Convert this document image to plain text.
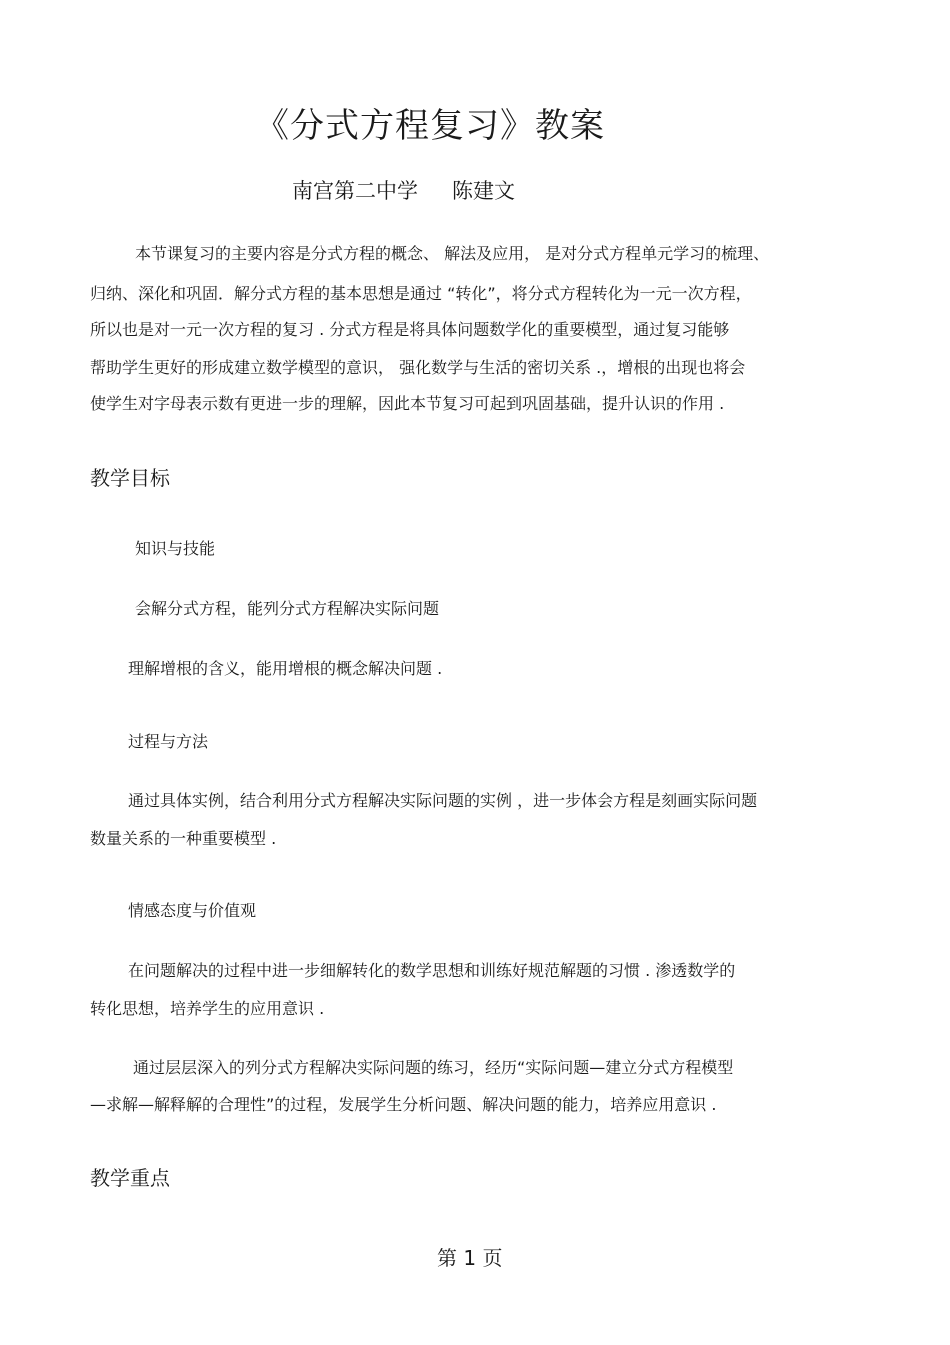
《分式方程复习》教案
南宫第二中学 陈建文
本节课复习的主要内容是分式方程的概念、 解法及应用， 是对分式方程单元学习的梳理、
归纳、深化和巩固．解分式方程的基本思想是通过 “转化”，将分式方程转化为一元一次方程，
所以也是对一元一次方程的复习 . 分式方程是将具体问题数学化的重要模型，通过复习能够
帮助学生更好的形成建立数学模型的意识， 强化数学与生活的密切关系 .，增根的出现也将会
使学生对字母表示数有更进一步的理解，因此本节复习可起到巩固基础，提升认识的作用 .
教学目标
知识与技能
会解分式方程，能列分式方程解决实际问题
理解增根的含义，能用增根的概念解决问题 .
过程与方法
通过具体实例，结合利用分式方程解决实际问题的实例 ，进一步体会方程是刻画实际问题
数量关系的一种重要模型 .
情感态度与价值观
在问题解决的过程中进一步细解转化的数学思想和训练好规范解题的习惯 . 渗透数学的
转化思想，培养学生的应用意识 .
通过层层深入的列分式方程解决实际问题的练习，经历“实际问题—建立分式方程模型
—求解—解释解的合理性”的过程，发展学生分析问题、解决问题的能力，培养应用意识 .
教学重点
第 1 页
